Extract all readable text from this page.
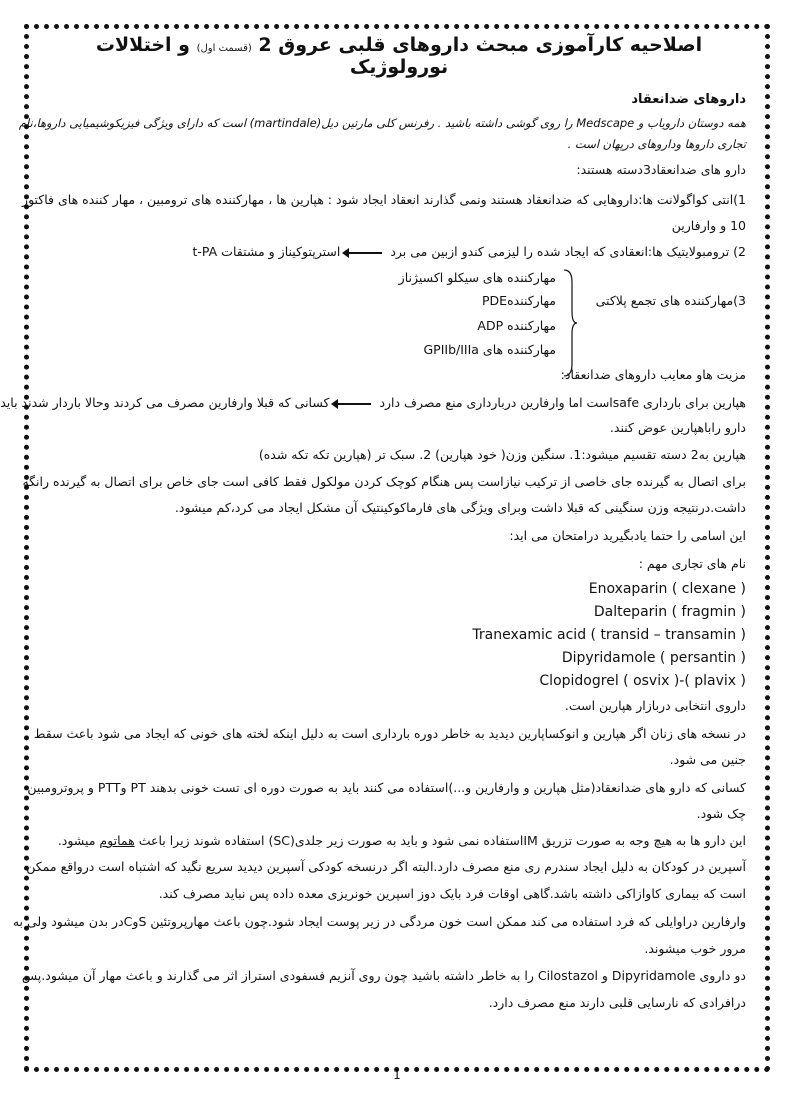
اصلاحیه کارآموزی مبحث داروهای قلبی عروق 2 (قسمت اول) و اختلالات نورولوژیک
داروهای ضدانعقاد
همه دوستان دارویاب و Medscape را روی گوشی داشته باشید . رفرنس کلی مارتین دیل(martindale) است که دارای ویژگی فیزیکوشیمیایی داروها،نام
تجاری داروها وداروهای درپهان است .
دارو های ضدانعقاد3دسته هستند:
1)انتی کواگولانت ها:داروهایی که ضدانعقاد هستند ونمی گذارند انعقاد ایجاد شود : هپارین ها ، مهارکننده های ترومبین ، مهار کننده های فاکتور
10 و وارفارین
2) ترومبولایتیک ها:انعقادی که ایجاد شده را لیزمی کندو ازبین می برد  استرپتوکیناز و مشتقات t-PA
3)مهارکننده های تجمع پلاکتی
مهارکننده های سیکلو اکسیژناز
مهارکنندهPDE
مهارکننده ADP
مهارکننده های GPIIb/IIIa
مزیت هاو معایب داروهای ضدانعقاد:
هپارین برای بارداری safeاست اما وارفارین دربارداری منع مصرف دارد  کسانی که قبلا وارفارین مصرف می کردند وحالا باردار شدند باید
دارو راباهپارین عوض کنند.
هپارین به2 دسته تقسیم میشود:1. سنگین وزن( خود هپارین) 2. سبک تر (هپارین تکه تکه شده)
برای اتصال به گیرنده جای خاصی از ترکیب نیازاست پس هنگام کوچک کردن مولکول فقط کافی است جای خاص برای اتصال به گیرنده رانگه
داشت.درنتیجه وزن سنگینی که قبلا داشت وبرای ویژگی های فارماکوکینتیک آن مشکل ایجاد می کرد،کم میشود.
این اسامی را حتما یادبگیرید درامتحان می اید:
نام های تجاری مهم :
Enoxaparin ( clexane )
Dalteparin ( fragmin )
Tranexamic acid ( transid – transamin )
Dipyridamole ( persantin )
Clopidogrel ( osvix )-( plavix )
داروی انتخابی دربازار هپارین است.
در نسخه های زنان اگر هپارین و انوکساپارین دیدید به خاطر دوره بارداری است به دلیل اینکه لخته های خونی که ایجاد می شود باعث سقط
جنین می شود.
کسانی که دارو های ضدانعقاد(مثل هپارین و وارفارین و...)استفاده می کنند باید به صورت دوره ای تست خونی بدهند PT وPTT و پروترومبین
چک شود.
این دارو ها به هیچ وجه به صورت تزریق IMاستفاده نمی شود و باید به صورت زیر جلدی(SC) استفاده شوند زیرا باعث هماتوم میشود.
آسپرین در کودکان به دلیل ایجاد سندرم ری منع مصرف دارد.البته اگر درنسخه کودکی آسپرین دیدید سریع نگید که اشتباه است درواقع ممکن
است که بیماری کاوازاکی داشته باشد.گاهی اوقات فرد بایک دوز اسپرین خونریزی معده داده پس نباید مصرف کند.
وارفارین دراوایلی که فرد استفاده می کند ممکن است خون مردگی در زیر پوست ایجاد شود.چون باعث مهارپروتئین SوCدر بدن میشود ولی به
مرور خوب میشوند.
دو داروی Dipyridamole و Cilostazol را به خاطر داشته باشید چون روی آنزیم فسفودی استراز اثر می گذارند و باعث مهار آن میشود.پس
درافرادی که نارسایی قلبی دارند منع مصرف دارد.
1
